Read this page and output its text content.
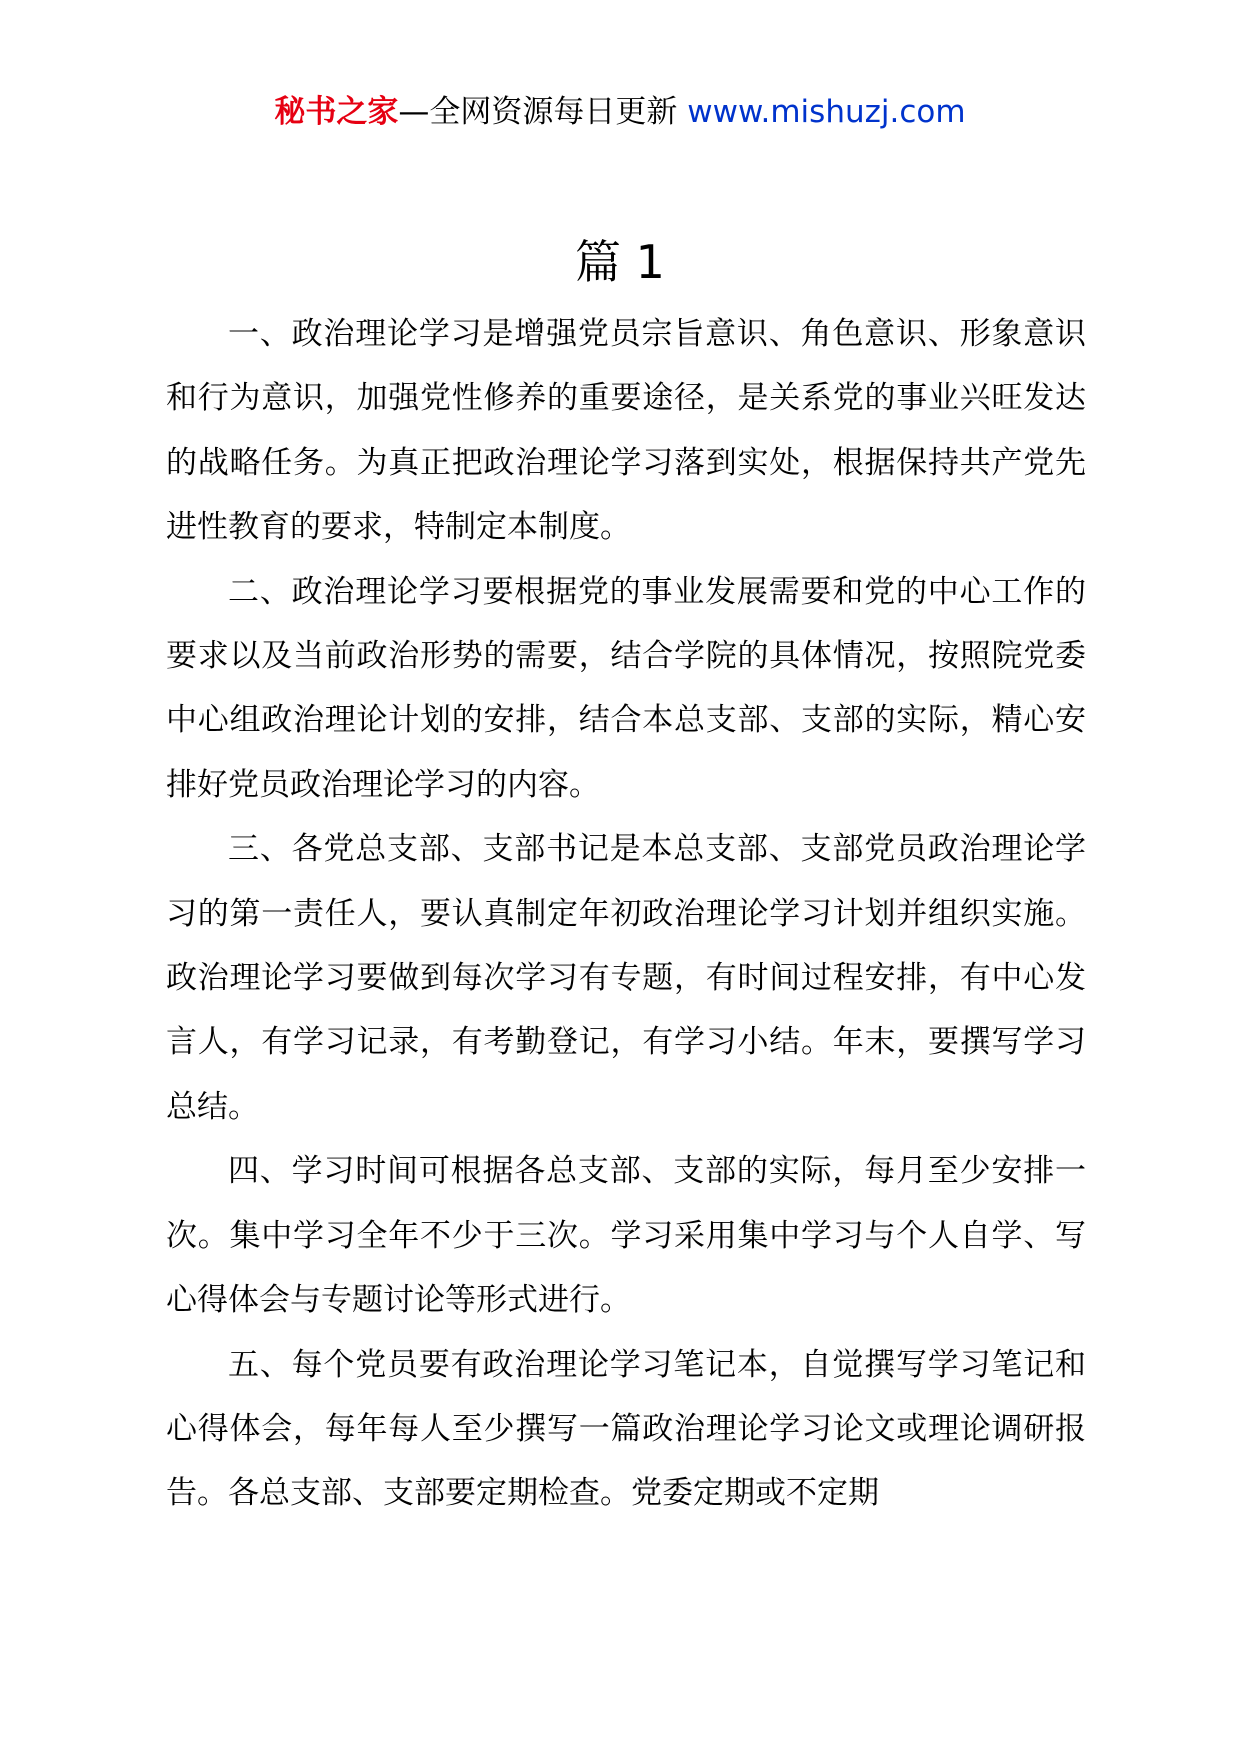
秘书之家—全网资源每日更新 www.mishuzj.com
篇 1

一、政治理论学习是增强党员宗旨意识、角色意识、形象意识和行为意识，加强党性修养的重要途径，是关系党的事业兴旺发达的战略任务。为真正把政治理论学习落到实处，根据保持共产党先进性教育的要求，特制定本制度。

二、政治理论学习要根据党的事业发展需要和党的中心工作的要求以及当前政治形势的需要，结合学院的具体情况，按照院党委中心组政治理论计划的安排，结合本总支部、支部的实际，精心安排好党员政治理论学习的内容。

三、各党总支部、支部书记是本总支部、支部党员政治理论学习的第一责任人，要认真制定年初政治理论学习计划并组织实施。政治理论学习要做到每次学习有专题，有时间过程安排，有中心发言人，有学习记录，有考勤登记，有学习小结。年末，要撰写学习总结。

四、学习时间可根据各总支部、支部的实际，每月至少安排一次。集中学习全年不少于三次。学习采用集中学习与个人自学、写心得体会与专题讨论等形式进行。

五、每个党员要有政治理论学习笔记本，自觉撰写学习笔记和心得体会，每年每人至少撰写一篇政治理论学习论文或理论调研报告。各总支部、支部要定期检查。党委定期或不定期
